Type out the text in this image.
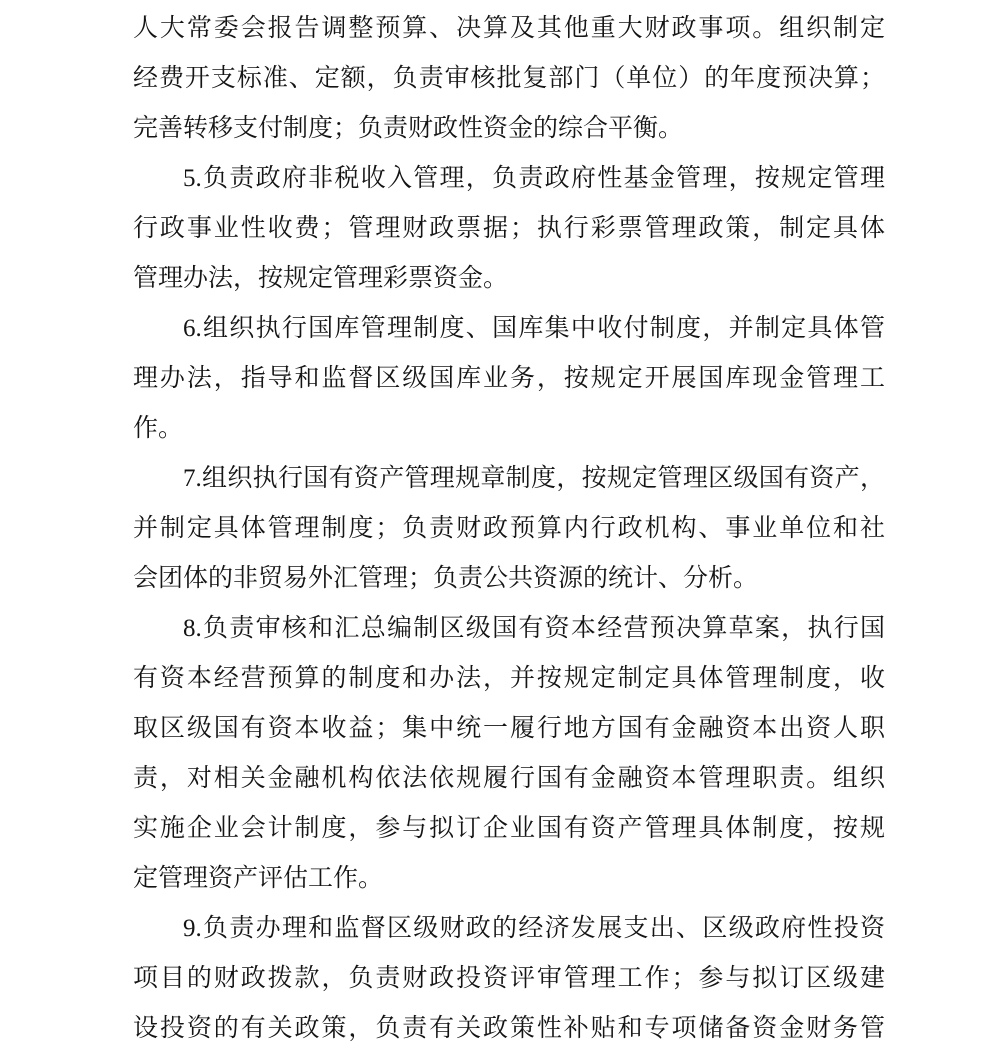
人大常委会报告调整预算、决算及其他重大财政事项。组织制定
经费开支标准、定额，负责审核批复部门（单位）的年度预决算；
完善转移支付制度；负责财政性资金的综合平衡。
5.负责政府非税收入管理，负责政府性基金管理，按规定管理
行政事业性收费；管理财政票据；执行彩票管理政策，制定具体
管理办法，按规定管理彩票资金。
6.组织执行国库管理制度、国库集中收付制度，并制定具体管
理办法，指导和监督区级国库业务，按规定开展国库现金管理工
作。
7.组织执行国有资产管理规章制度，按规定管理区级国有资产，
并制定具体管理制度；负责财政预算内行政机构、事业单位和社
会团体的非贸易外汇管理；负责公共资源的统计、分析。
8.负责审核和汇总编制区级国有资本经营预决算草案，执行国
有资本经营预算的制度和办法，并按规定制定具体管理制度，收
取区级国有资本收益；集中统一履行地方国有金融资本出资人职
责，对相关金融机构依法依规履行国有金融资本管理职责。组织
实施企业会计制度，参与拟订企业国有资产管理具体制度，按规
定管理资产评估工作。
9.负责办理和监督区级财政的经济发展支出、区级政府性投资
项目的财政拨款，负责财政投资评审管理工作；参与拟订区级建
设投资的有关政策，负责有关政策性补贴和专项储备资金财务管
